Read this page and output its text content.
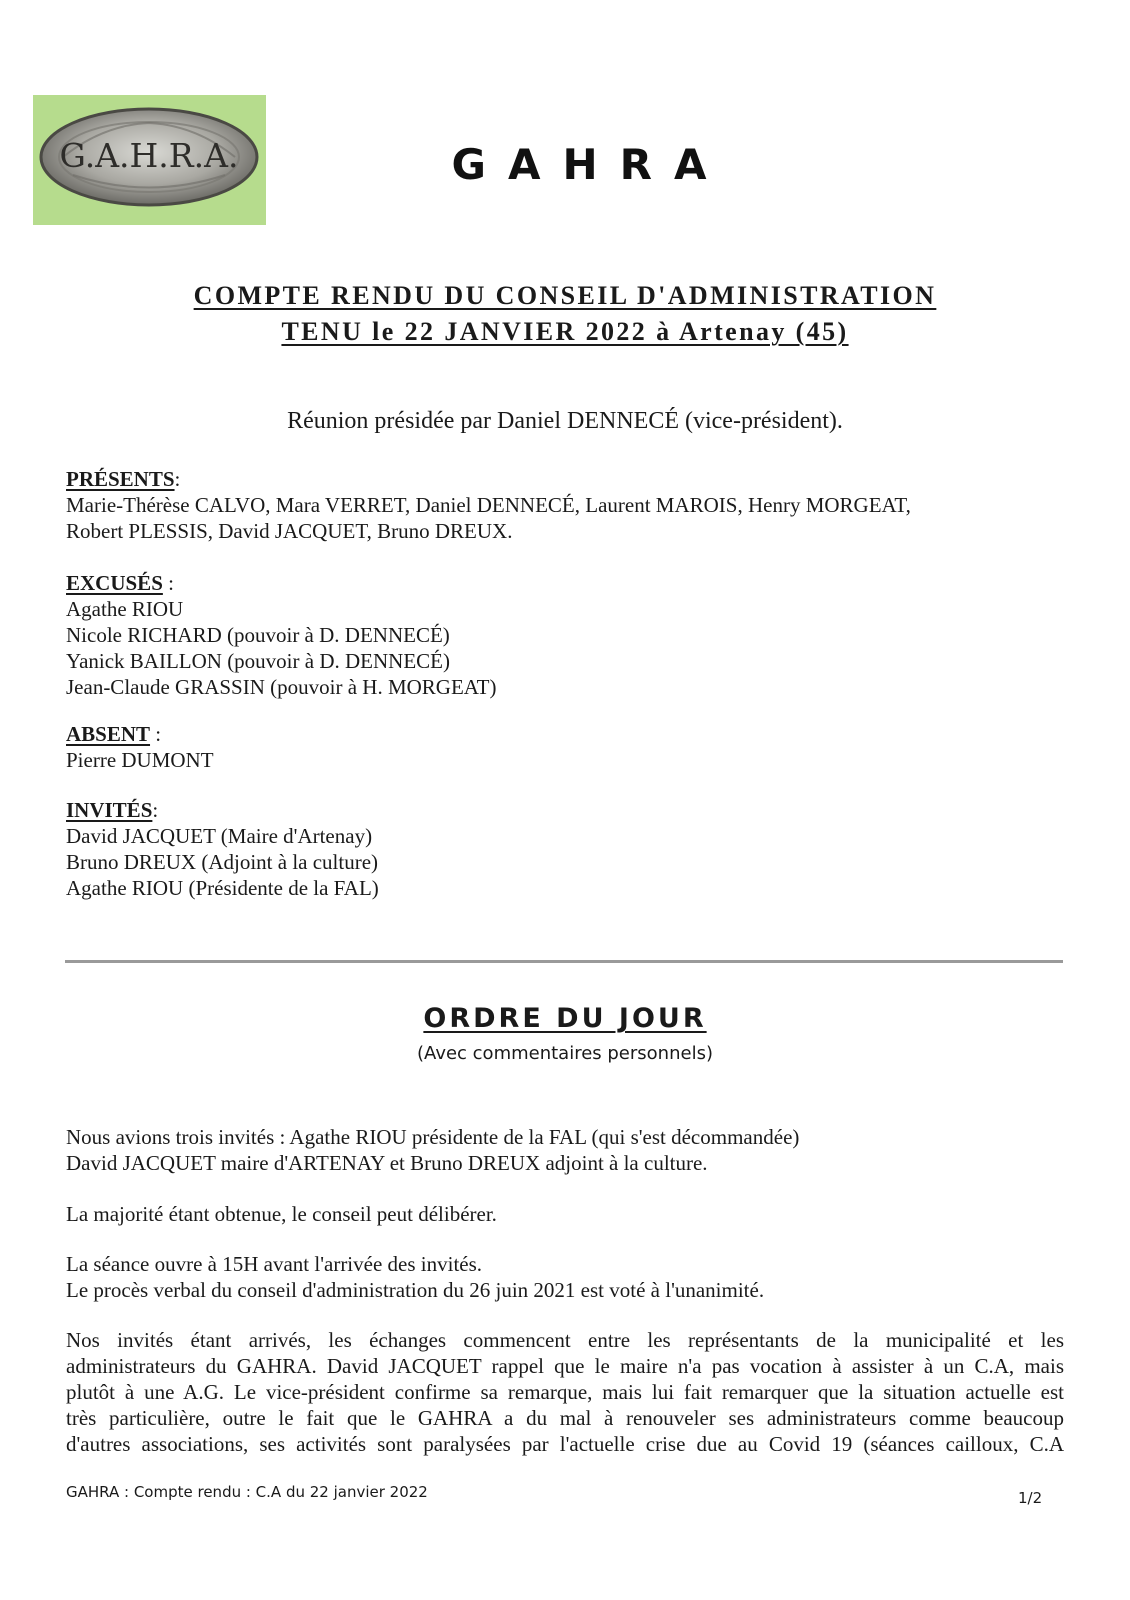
G.A.H.R.A.	GAHRA
COMPTE RENDU DU CONSEIL D'ADMINISTRATION
TENU le 22 JANVIER 2022 à Artenay (45)
Réunion présidée par Daniel DENNECÉ (vice-président).
PRÉSENTS:
Marie-Thérèse CALVO, Mara VERRET, Daniel DENNECÉ, Laurent MAROIS, Henry MORGEAT,
Robert PLESSIS, David JACQUET, Bruno DREUX.
EXCUSÉS :
Agathe RIOU
Nicole RICHARD (pouvoir à D. DENNECÉ)
Yanick BAILLON (pouvoir à D. DENNECÉ)
Jean-Claude GRASSIN (pouvoir à H. MORGEAT)
ABSENT :
Pierre DUMONT
INVITÉS:
David JACQUET (Maire d'Artenay)
Bruno DREUX (Adjoint à la culture)
Agathe RIOU (Présidente de la FAL)
ORDRE DU JOUR
(Avec commentaires personnels)
Nous avions trois invités : Agathe RIOU présidente de la FAL (qui s'est décommandée)
David JACQUET maire d'ARTENAY et Bruno DREUX adjoint à la culture.
La majorité étant obtenue, le conseil peut délibérer.
La séance ouvre à 15H avant l'arrivée des invités.
Le procès verbal du conseil d'administration du 26 juin 2021 est voté à l'unanimité.
Nos invités étant arrivés, les échanges commencent entre les représentants de la municipalité et les
administrateurs du GAHRA. David JACQUET rappel que le maire n'a pas vocation à assister à un C.A, mais
plutôt à une A.G. Le vice-président confirme sa remarque, mais lui fait remarquer que la situation actuelle est
très particulière, outre le fait que le GAHRA a du mal à renouveler ses administrateurs comme beaucoup
d'autres associations, ses activités sont paralysées par l'actuelle crise due au Covid 19 (séances cailloux, C.A
GAHRA : Compte rendu : C.A du 22 janvier 2022	1/2
